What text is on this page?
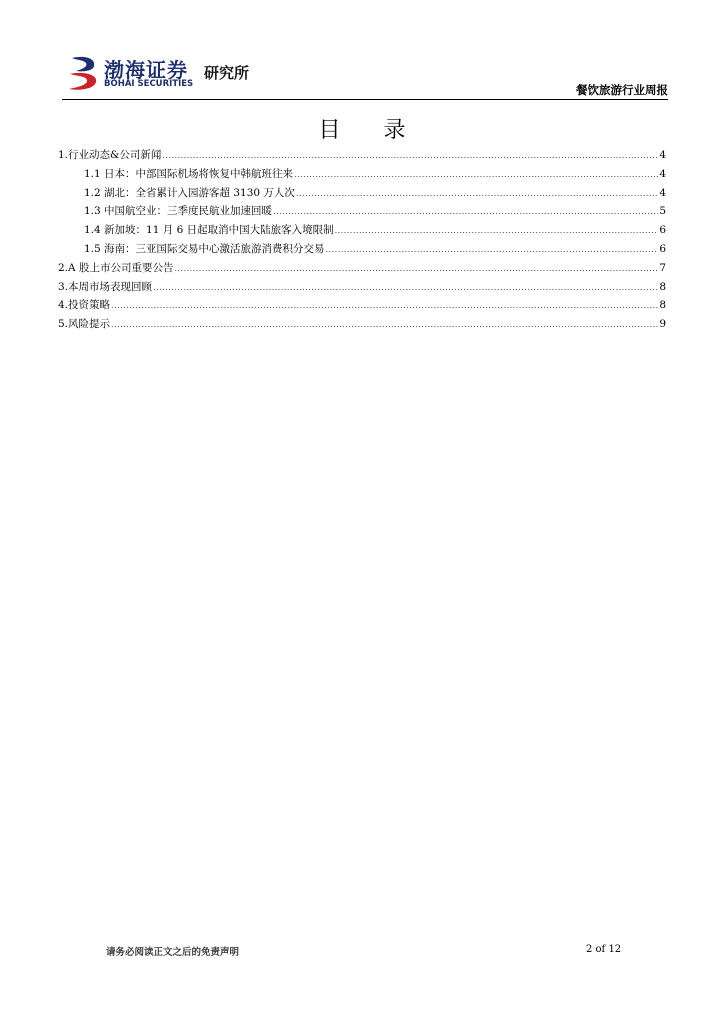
渤海证券
BOHAI SECURITIES
研究所
餐饮旅游行业周报
目 录
1.行业动态&公司新闻 .....	4
1.1 日本：中部国际机场将恢复中韩航班往来 .....	4
1.2 湖北：全省累计入园游客超 3130 万人次 .....	4
1.3 中国航空业：三季度民航业加速回暖 .....	5
1.4 新加坡：11 月 6 日起取消中国大陆旅客入境限制 .....	6
1.5 海南：三亚国际交易中心激活旅游消费积分交易 .....	6
2.A 股上市公司重要公告 .....	7
3.本周市场表现回顾 .....	8
4.投资策略 .....	8
5.风险提示 .....	9
请务必阅读正文之后的免责声明	2 of 12
